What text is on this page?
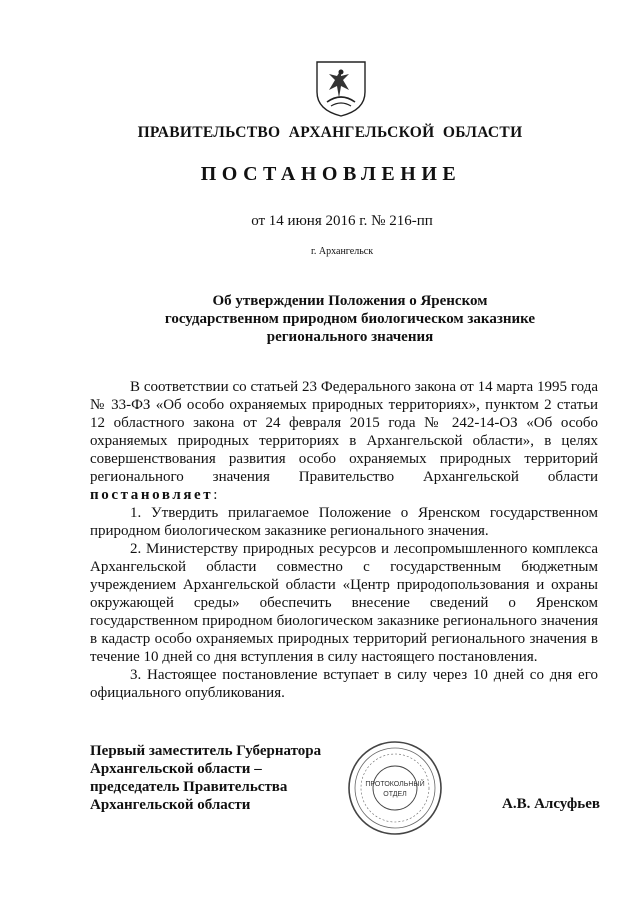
ПРАВИТЕЛЬСТВО  АРХАНГЕЛЬСКОЙ  ОБЛАСТИ
ПОСТАНОВЛЕНИЕ
от 14 июня 2016 г. № 216-пп
г. Архангельск
Об утверждении Положения о Яренском
государственном природном биологическом заказнике
регионального значения

В соответствии со статьей 23 Федерального закона от 14 марта 1995 года № 33-ФЗ «Об особо охраняемых природных территориях», пунктом 2 статьи 12 областного закона от 24 февраля 2015 года № 242-14-ОЗ «Об особо охраняемых природных территориях в Архангельской области», в целях совершенствования развития особо охраняемых природных территорий регионального значения Правительство Архангельской области постановляет:

1. Утвердить прилагаемое Положение о Яренском государственном природном биологическом заказнике регионального значения.

2. Министерству природных ресурсов и лесопромышленного комплекса Архангельской области совместно с государственным бюджетным учреждением Архангельской области «Центр природопользования и охраны окружающей среды» обеспечить внесение сведений о Яренском государственном природном биологическом заказнике регионального значения в кадастр особо охраняемых природных территорий регионального значения в течение 10 дней со дня вступления в силу настоящего постановления.

3. Настоящее постановление вступает в силу через 10 дней со дня его официального опубликования.

Первый заместитель Губернатора
Архангельской области –
председатель Правительства
Архангельской области
ПРОТОКОЛЬНЫЙ
ОТДЕЛ
А.В. Алсуфьев
